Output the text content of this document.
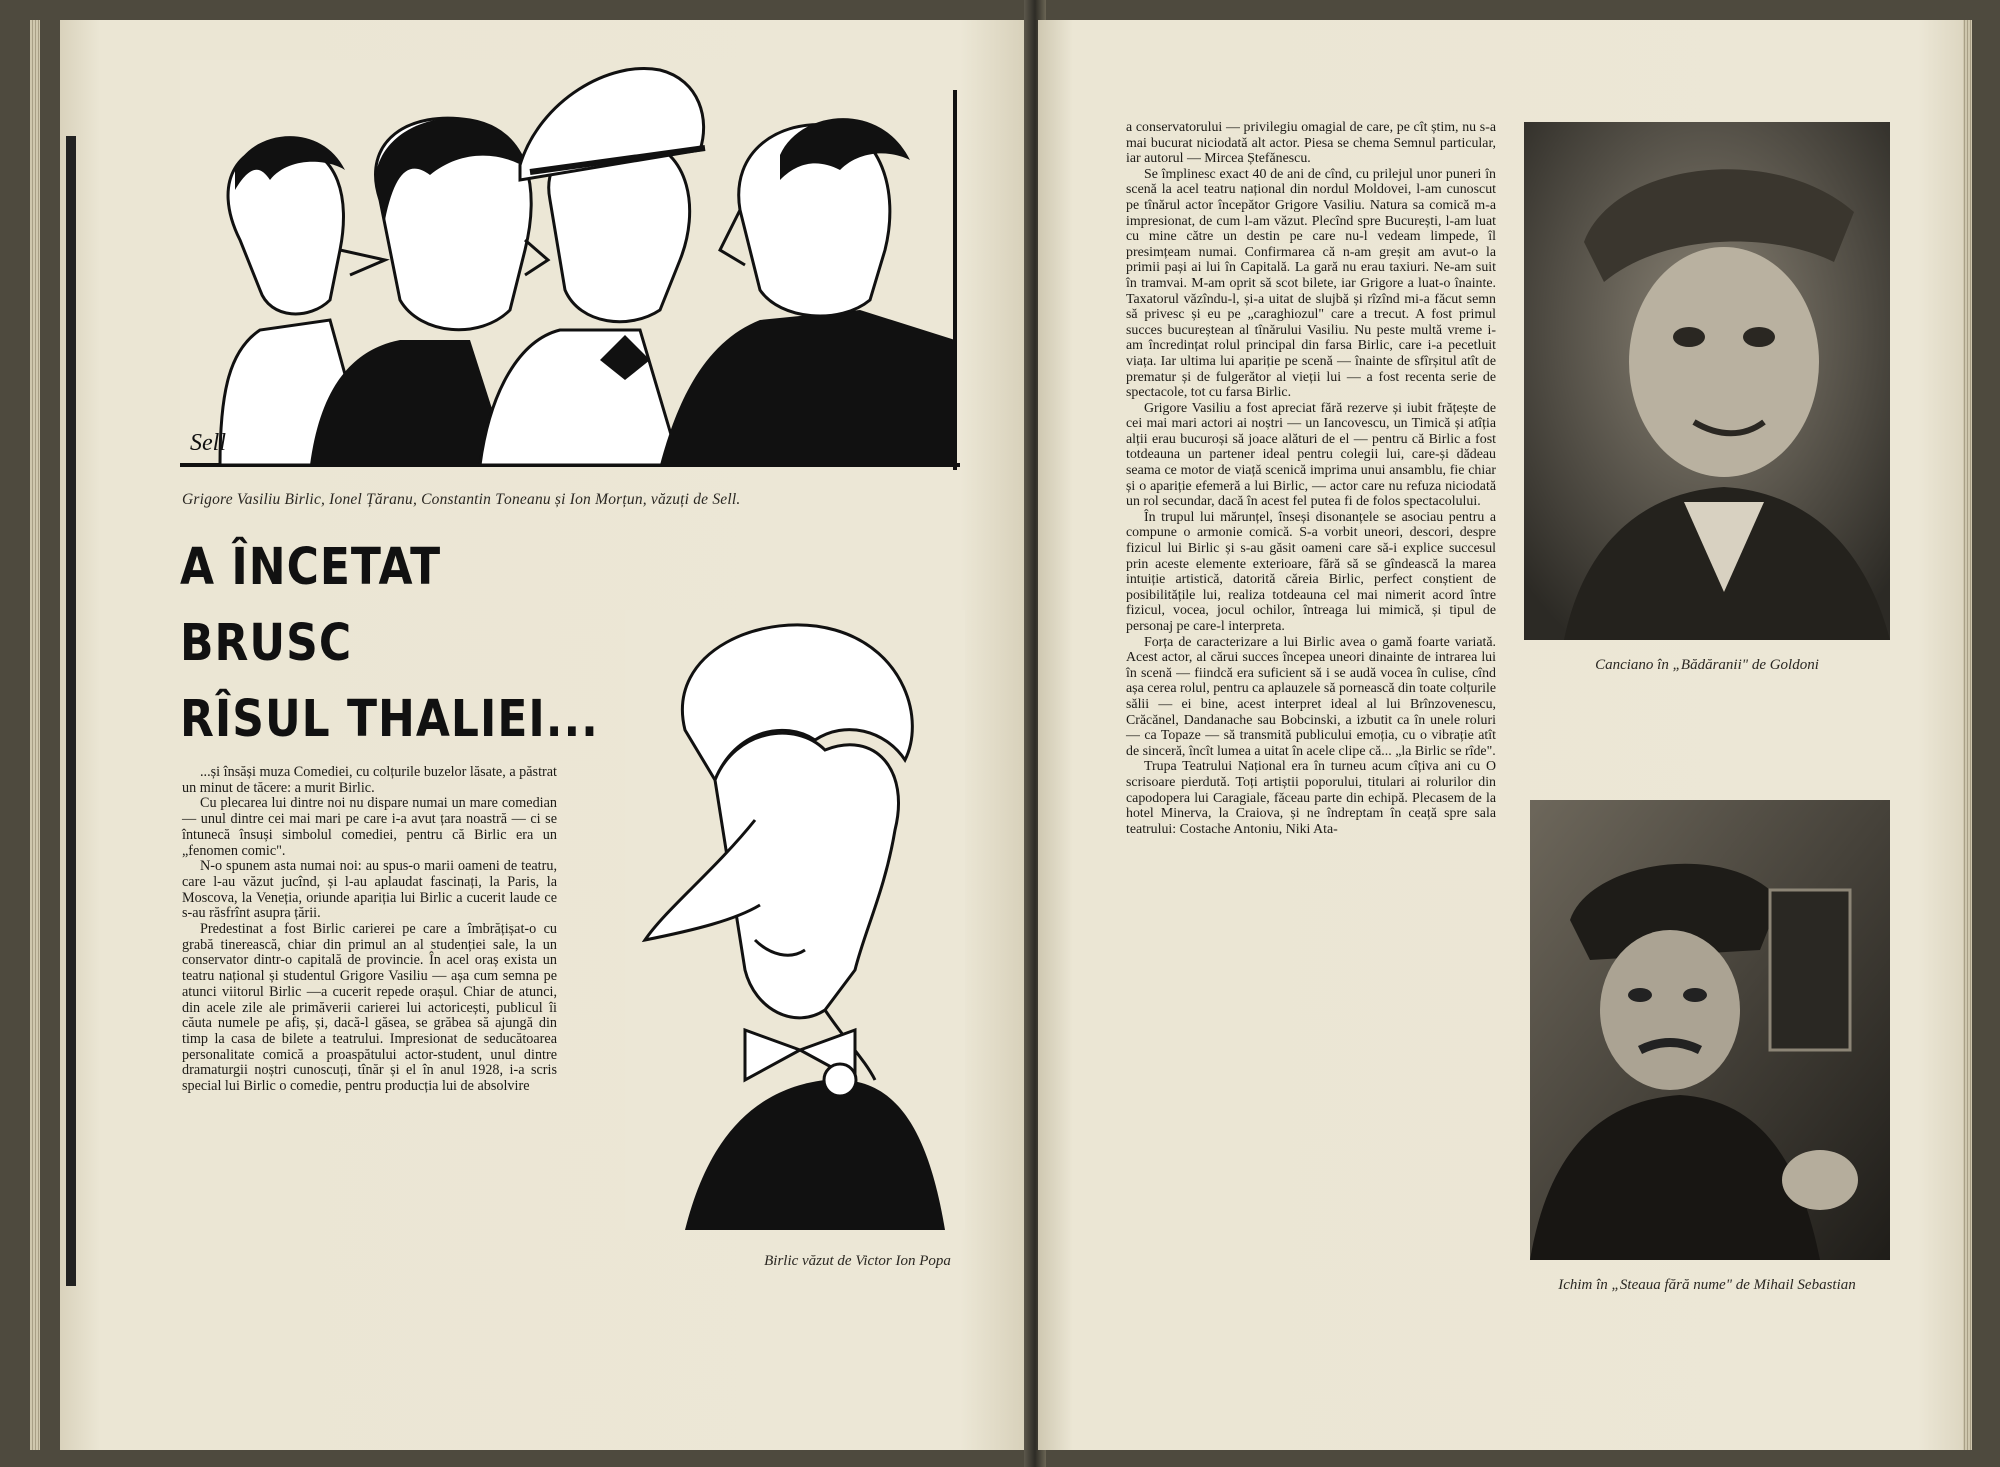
Sell
Grigore Vasiliu Birlic, Ionel Țăranu, Constantin Tоneanu și Ion Morțun, văzuți de Sell.
A ÎNCETAT
BRUSC
RÎSUL THALIEI...
Birlic văzut de Victor Ion Popa

...și însăși muza Comediei, cu colțurile buzelor lăsate, a păstrat un minut de tăcere: a murit Birlic.

Cu plecarea lui dintre noi nu dispare numai un mare comedian — unul dintre cei mai mari pe care i-a avut țara noastră — ci se întunecă însuși simbolul comediei, pentru că Birlic era un „fenomen comic".

N-o spunem asta numai noi: au spus-o marii oameni de teatru, care l-au văzut jucînd, și l-au aplaudat fascinați, la Paris, la Moscova, la Veneția, oriunde apariția lui Birlic a cucerit laude ce s-au răsfrînt asupra țării.

Predestinat a fost Birlic carierei pe care a îmbrățișat-o cu grabă tinerească, chiar din primul an al studenției sale, la un conservator dintr-o capitală de provincie. În acel oraș exista un teatru național și studentul Grigore Vasiliu — așa cum semna pe atunci viitorul Birlic —a cucerit repede orașul. Chiar de atunci, din acele zile ale primăverii carierei lui actoricești, publicul îi căuta numele pe afiș, și, dacă-l găsea, se grăbea să ajungă din timp la casa de bilete a teatrului. Impresionat de seducătoarea personalitate comică a proaspătului actor-student, unul dintre dramaturgii noștri cunoscuți, tînăr și el în anul 1928, i-a scris special lui Birlic o comedie, pentru producția lui de absolvire

a conservatorului — privilegiu omagial de care, pe cît știm, nu s-a mai bucurat niciodată alt actor. Piesa se chema Semnul particular, iar autorul — Mircea Ștefănescu.

Se împlinesc exact 40 de ani de cînd, cu prilejul unor puneri în scenă la acel teatru național din nordul Moldovei, l-am cunoscut pe tînărul actor începător Grigore Vasiliu. Natura sa comică m-a impresionat, de cum l-am văzut. Plecînd spre București, l-am luat cu mine către un destin pe care nu-l vedeam limpede, îl presimțeam numai. Confirmarea că n-am greșit am avut-o la primii pași ai lui în Capitală. La gară nu erau taxiuri. Ne-am suit în tramvai. M-am oprit să scot bilete, iar Grigore a luat-o înainte. Taxatorul văzîndu-l, și-a uitat de slujbă și rîzînd mi-a făcut semn să privesc și eu pe „caraghiozul" care a trecut. A fost primul succes bucureștean al tînărului Vasiliu. Nu peste multă vreme i-am încredințat rolul principal din farsa Birlic, care i-a pecetluit viața. Iar ultima lui apariție pe scenă — înainte de sfîrșitul atît de prematur și de fulgerător al vieții lui — a fost recenta serie de spectacole, tot cu farsa Birlic.

Grigore Vasiliu a fost apreciat fără rezerve și iubit frățește de cei mai mari actori ai noștri — un Iancovescu, un Timică și atîția alții erau bucuroși să joace alături de el — pentru că Birlic a fost totdeauna un partener ideal pentru colegii lui, care-și dădeau seama ce motor de viață scenică imprima unui ansamblu, fie chiar și o apariție efemeră a lui Birlic, — actor care nu refuza niciodată un rol secundar, dacă în acest fel putea fi de folos spectacolului.

În trupul lui mărunțel, înseși disonanțele se asociau pentru a compune o armonie comică. S-a vorbit uneori, descori, despre fizicul lui Birlic și s-au găsit oameni care să-i explice succesul prin aceste elemente exterioare, fără să se gîndească la marea intuiție artistică, datorită căreia Birlic, perfect conștient de posibilitățile lui, realiza totdeauna cel mai nimerit acord între fizicul, vocea, jocul ochilor, întreaga lui mimică, și tipul de personaj pe care-l interpreta.

Forța de caracterizare a lui Birlic avea o gamă foarte variată. Acest actor, al cărui succes începea uneori dinainte de intrarea lui în scenă — fiindcă era suficient să i se audă vocea în culise, cînd așa cerea rolul, pentru ca aplauzele să pornească din toate colțurile sălii — ei bine, acest interpret ideal al lui Brînzovenescu, Crăcănel, Dandanache sau Bobcinski, a izbutit ca în unele roluri — ca Topaze — să transmită publicului emoția, cu o vibrație atît de sinceră, încît lumea a uitat în acele clipe că... „la Birlic se rîde".

Trupa Teatrului Național era în turneu acum cîțiva ani cu O scrisoare pierdută. Toți artiștii poporului, titulari ai rolurilor din capodopera lui Caragiale, făceau parte din echipă. Plecasem de la hotel Minerva, la Craiova, și ne îndreptam în ceață spre sala teatrului: Costache Antoniu, Niki Ata-

Canciano în „Bădăranii" de Goldoni
Ichim în „Steaua fără nume" de Mihail Sebastian
